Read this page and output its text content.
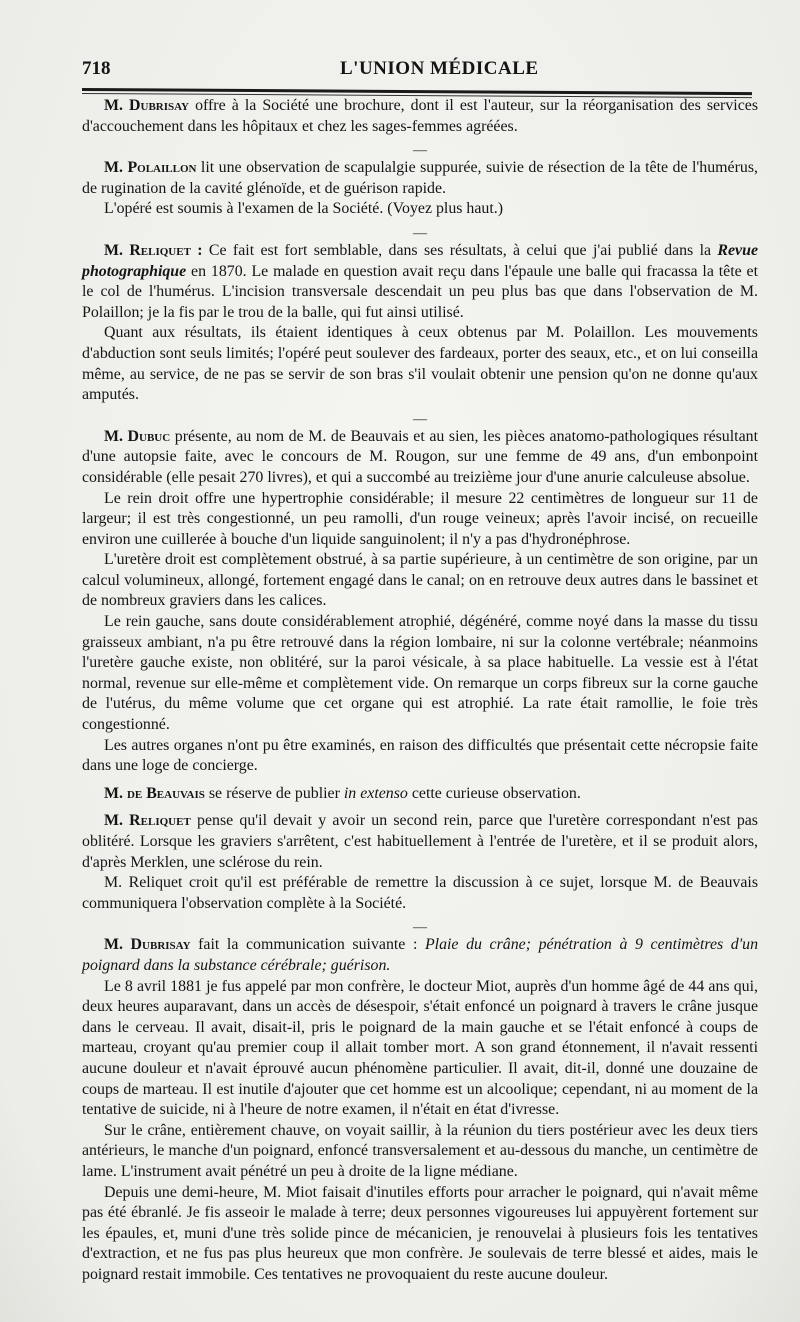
718	L'UNION MÉDICALE

M. Dubrisay offre à la Société une brochure, dont il est l'auteur, sur la réorganisation des services d'accouchement dans les hôpitaux et chez les sages-femmes agréées.

—

M. Polaillon lit une observation de scapulalgie suppurée, suivie de résection de la tête de l'humérus, de rugination de la cavité glénoïde, et de guérison rapide.

L'opéré est soumis à l'examen de la Société. (Voyez plus haut.)

—

M. Reliquet : Ce fait est fort semblable, dans ses résultats, à celui que j'ai publié dans la Revue photographique en 1870. Le malade en question avait reçu dans l'épaule une balle qui fracassa la tête et le col de l'humérus. L'incision transversale descendait un peu plus bas que dans l'observation de M. Polaillon; je la fis par le trou de la balle, qui fut ainsi utilisé.

Quant aux résultats, ils étaient identiques à ceux obtenus par M. Polaillon. Les mouvements d'abduction sont seuls limités; l'opéré peut soulever des fardeaux, porter des seaux, etc., et on lui conseilla même, au service, de ne pas se servir de son bras s'il voulait obtenir une pension qu'on ne donne qu'aux amputés.

—

M. Dubuc présente, au nom de M. de Beauvais et au sien, les pièces anatomo-pathologiques résultant d'une autopsie faite, avec le concours de M. Rougon, sur une femme de 49 ans, d'un embonpoint considérable (elle pesait 270 livres), et qui a succombé au treizième jour d'une anurie calculeuse absolue.

Le rein droit offre une hypertrophie considérable; il mesure 22 centimètres de longueur sur 11 de largeur; il est très congestionné, un peu ramolli, d'un rouge veineux; après l'avoir incisé, on recueille environ une cuillerée à bouche d'un liquide sanguinolent; il n'y a pas d'hydronéphrose.

L'uretère droit est complètement obstrué, à sa partie supérieure, à un centimètre de son origine, par un calcul volumineux, allongé, fortement engagé dans le canal; on en retrouve deux autres dans le bassinet et de nombreux graviers dans les calices.

Le rein gauche, sans doute considérablement atrophié, dégénéré, comme noyé dans la masse du tissu graisseux ambiant, n'a pu être retrouvé dans la région lombaire, ni sur la colonne vertébrale; néanmoins l'uretère gauche existe, non oblitéré, sur la paroi vésicale, à sa place habituelle. La vessie est à l'état normal, revenue sur elle-même et complètement vide. On remarque un corps fibreux sur la corne gauche de l'utérus, du même volume que cet organe qui est atrophié. La rate était ramollie, le foie très congestionné.

Les autres organes n'ont pu être examinés, en raison des difficultés que présentait cette nécropsie faite dans une loge de concierge.

M. de Beauvais se réserve de publier in extenso cette curieuse observation.

M. Reliquet pense qu'il devait y avoir un second rein, parce que l'uretère correspondant n'est pas oblitéré. Lorsque les graviers s'arrêtent, c'est habituellement à l'entrée de l'uretère, et il se produit alors, d'après Merklen, une sclérose du rein.

M. Reliquet croit qu'il est préférable de remettre la discussion à ce sujet, lorsque M. de Beauvais communiquera l'observation complète à la Société.

—

M. Dubrisay fait la communication suivante : Plaie du crâne; pénétration à 9 centimètres d'un poignard dans la substance cérébrale; guérison.

Le 8 avril 1881 je fus appelé par mon confrère, le docteur Miot, auprès d'un homme âgé de 44 ans qui, deux heures auparavant, dans un accès de désespoir, s'était enfoncé un poignard à travers le crâne jusque dans le cerveau. Il avait, disait-il, pris le poignard de la main gauche et se l'était enfoncé à coups de marteau, croyant qu'au premier coup il allait tomber mort. A son grand étonnement, il n'avait ressenti aucune douleur et n'avait éprouvé aucun phénomène particulier. Il avait, dit-il, donné une douzaine de coups de marteau. Il est inutile d'ajouter que cet homme est un alcoolique; cependant, ni au moment de la tentative de suicide, ni à l'heure de notre examen, il n'était en état d'ivresse.

Sur le crâne, entièrement chauve, on voyait saillir, à la réunion du tiers postérieur avec les deux tiers antérieurs, le manche d'un poignard, enfoncé transversalement et au-dessous du manche, un centimètre de lame. L'instrument avait pénétré un peu à droite de la ligne médiane.

Depuis une demi-heure, M. Miot faisait d'inutiles efforts pour arracher le poignard, qui n'avait même pas été ébranlé. Je fis asseoir le malade à terre; deux personnes vigoureuses lui appuyèrent fortement sur les épaules, et, muni d'une très solide pince de mécanicien, je renouvelai à plusieurs fois les tentatives d'extraction, et ne fus pas plus heureux que mon confrère. Je soulevais de terre blessé et aides, mais le poignard restait immobile. Ces tentatives ne provoquaient du reste aucune douleur.
